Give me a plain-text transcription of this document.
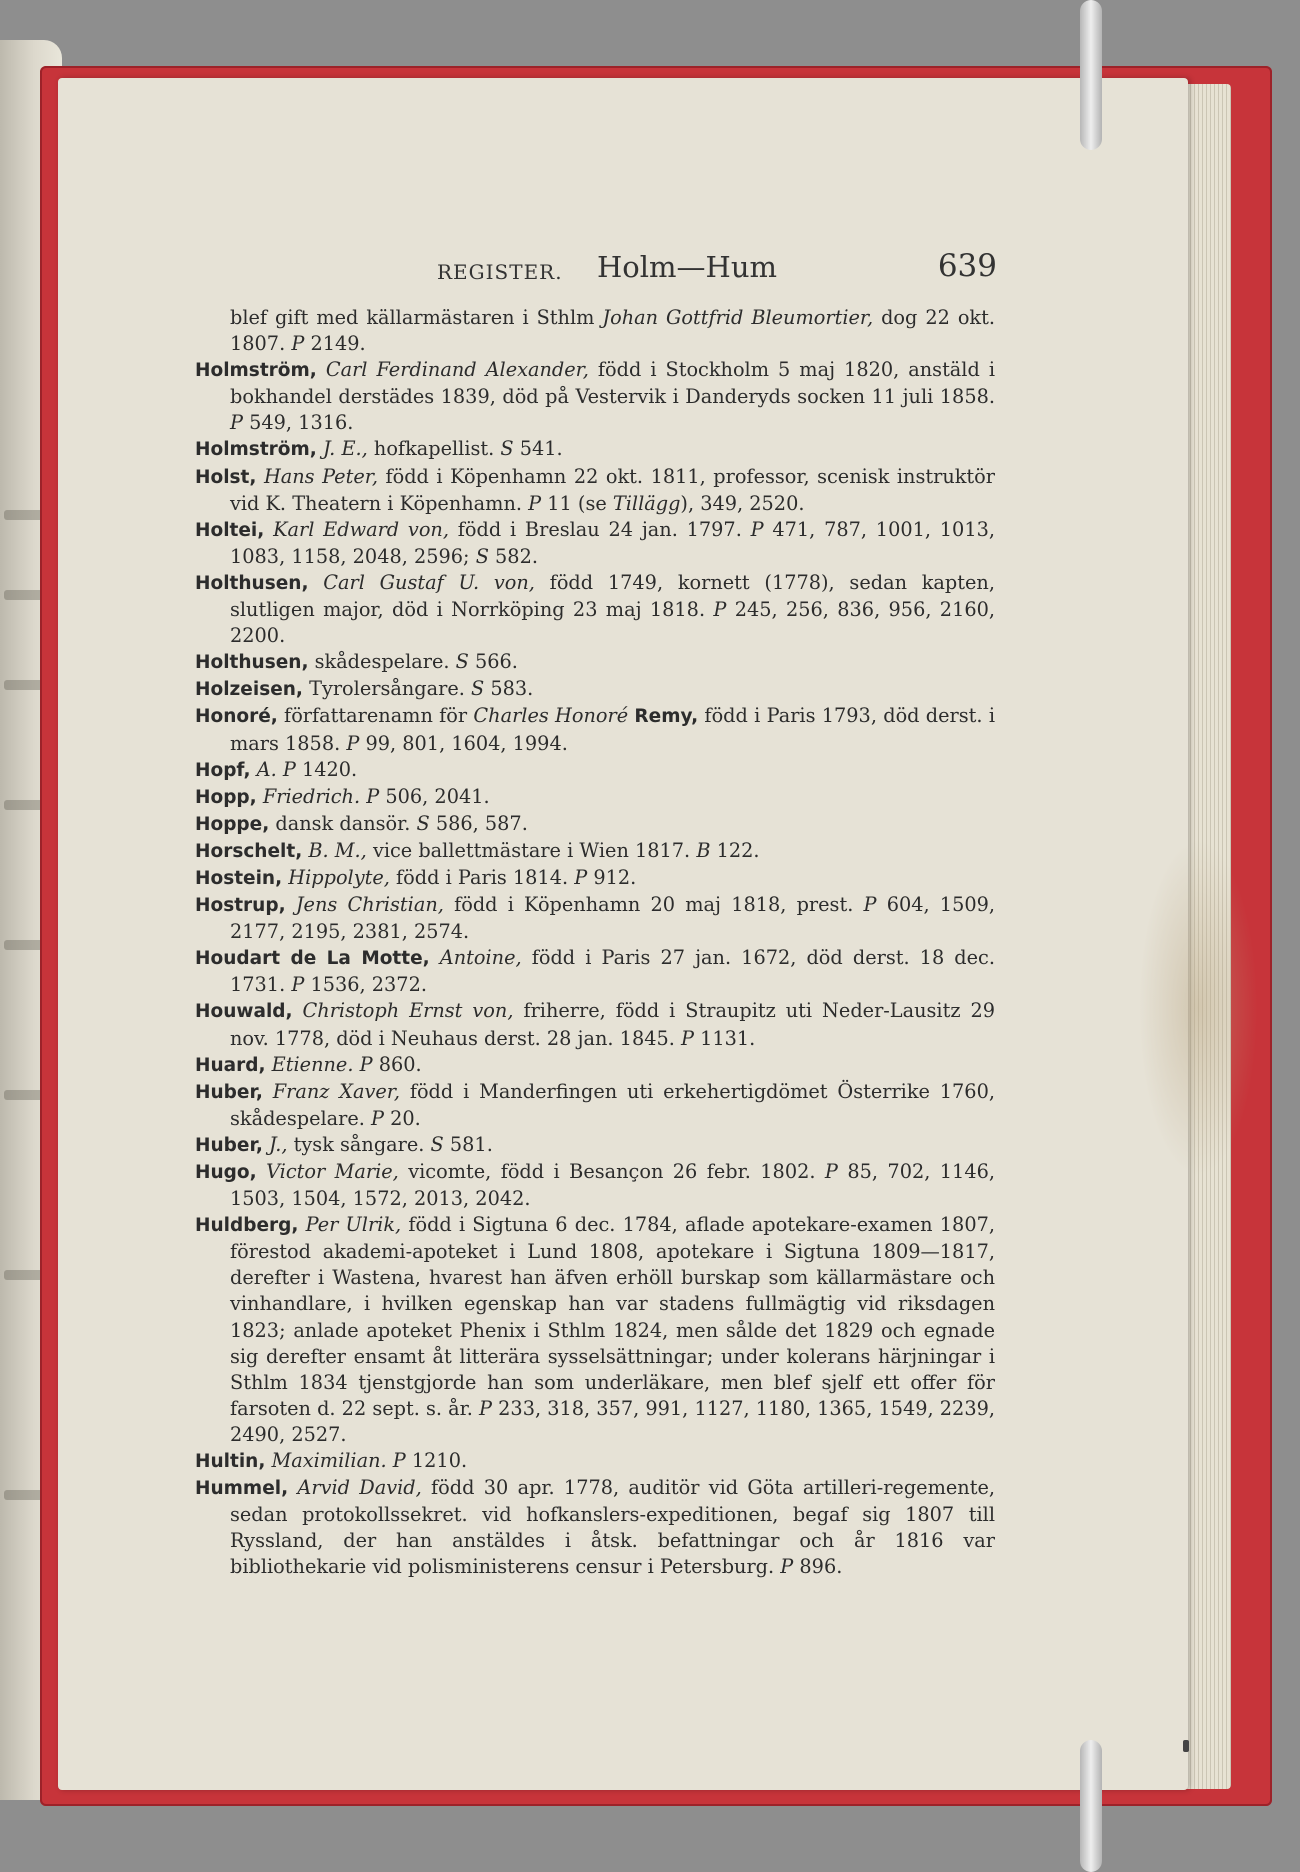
REGISTER. Holm—Hum	639

blef gift med källarmästaren i Sthlm Johan Gottfrid Bleumortier, dog 22 okt. 1807. P 2149.

Holmström, Carl Ferdinand Alexander, född i Stockholm 5 maj 1820, anstäld i bokhandel derstädes 1839, död på Vestervik i Danderyds socken 11 juli 1858. P 549, 1316.

Holmström, J. E., hofkapellist. S 541.

Holst, Hans Peter, född i Köpenhamn 22 okt. 1811, professor, scenisk instruktör vid K. Theatern i Köpenhamn. P 11 (se Tillägg), 349, 2520.

Holtei, Karl Edward von, född i Breslau 24 jan. 1797. P 471, 787, 1001, 1013, 1083, 1158, 2048, 2596; S 582.

Holthusen, Carl Gustaf U. von, född 1749, kornett (1778), sedan kapten, slutligen major, död i Norrköping 23 maj 1818. P 245, 256, 836, 956, 2160, 2200.

Holthusen, skådespelare. S 566.

Holzeisen, Tyrolersångare. S 583.

Honoré, författarenamn för Charles Honoré Remy, född i Paris 1793, död derst. i mars 1858. P 99, 801, 1604, 1994.

Hopf, A. P 1420.

Hopp, Friedrich. P 506, 2041.

Hoppe, dansk dansör. S 586, 587.

Horschelt, B. M., vice ballettmästare i Wien 1817. B 122.

Hostein, Hippolyte, född i Paris 1814. P 912.

Hostrup, Jens Christian, född i Köpenhamn 20 maj 1818, prest. P 604, 1509, 2177, 2195, 2381, 2574.

Houdart de La Motte, Antoine, född i Paris 27 jan. 1672, död derst. 18 dec. 1731. P 1536, 2372.

Houwald, Christoph Ernst von, friherre, född i Straupitz uti Neder-Lausitz 29 nov. 1778, död i Neuhaus derst. 28 jan. 1845. P 1131.

Huard, Etienne. P 860.

Huber, Franz Xaver, född i Manderfingen uti erkehertigdömet Österrike 1760, skådespelare. P 20.

Huber, J., tysk sångare. S 581.

Hugo, Victor Marie, vicomte, född i Besançon 26 febr. 1802. P 85, 702, 1146, 1503, 1504, 1572, 2013, 2042.

Huldberg, Per Ulrik, född i Sigtuna 6 dec. 1784, aflade apotekare-examen 1807, förestod akademi-apoteket i Lund 1808, apotekare i Sigtuna 1809—1817, derefter i Wastena, hvarest han äfven erhöll burskap som källarmästare och vinhandlare, i hvilken egenskap han var stadens fullmägtig vid riksdagen 1823; anlade apoteket Phenix i Sthlm 1824, men sålde det 1829 och egnade sig derefter ensamt åt litterära sysselsättningar; under kolerans härjningar i Sthlm 1834 tjenstgjorde han som underläkare, men blef sjelf ett offer för farsoten d. 22 sept. s. år. P 233, 318, 357, 991, 1127, 1180, 1365, 1549, 2239, 2490, 2527.

Hultin, Maximilian. P 1210.

Hummel, Arvid David, född 30 apr. 1778, auditör vid Göta artilleri-regemente, sedan protokollssekret. vid hofkanslers-expeditionen, begaf sig 1807 till Ryssland, der han anstäldes i åtsk. befattningar och år 1816 var bibliothekarie vid polisministerens censur i Petersburg. P 896.
